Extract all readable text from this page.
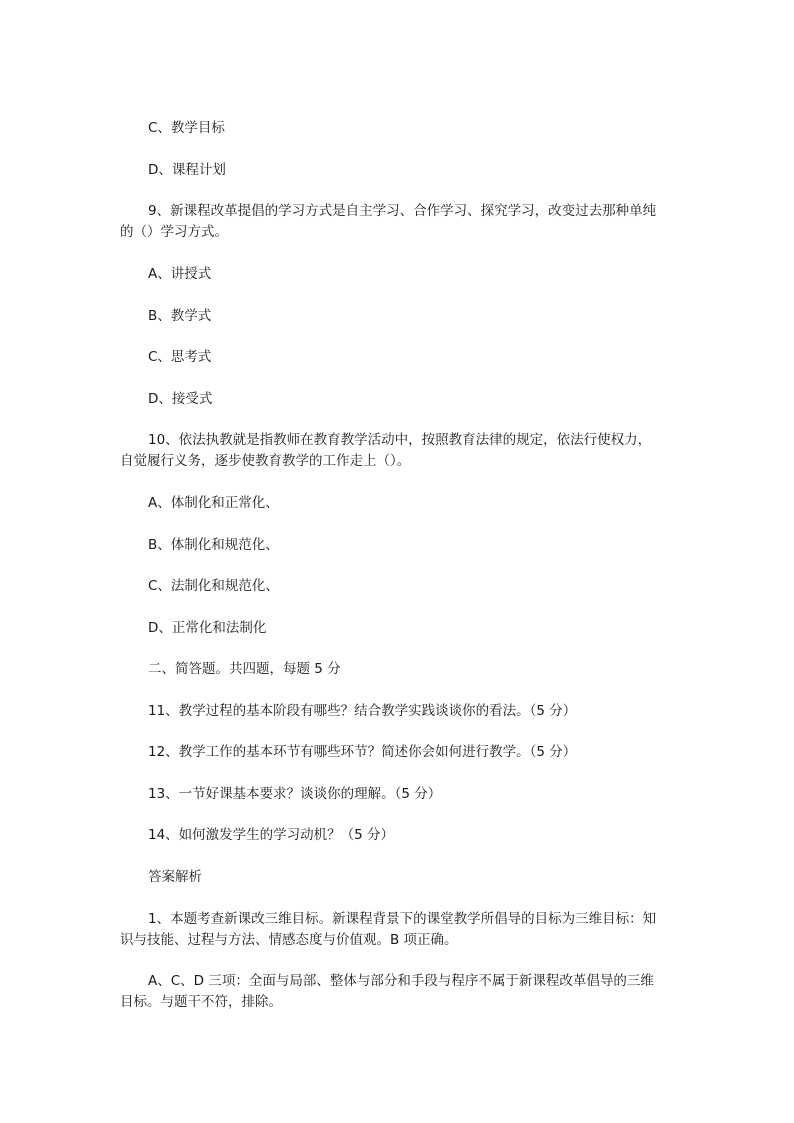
C、教学目标
D、课程计划
9、新课程改革提倡的学习方式是自主学习、合作学习、探究学习，改变过去那种单纯
的（）学习方式。
A、讲授式
B、教学式
C、思考式
D、接受式
10、依法执教就是指教师在教育教学活动中，按照教育法律的规定，依法行使权力，
自觉履行义务，逐步使教育教学的工作走上（）。
A、体制化和正常化、
B、体制化和规范化、
C、法制化和规范化、
D、正常化和法制化
二、简答题。共四题，每题 5 分
11、教学过程的基本阶段有哪些？结合教学实践谈谈你的看法。（5 分）
12、教学工作的基本环节有哪些环节？简述你会如何进行教学。（5 分）
13、一节好课基本要求？谈谈你的理解。（5 分）
14、如何激发学生的学习动机？（5 分）
答案解析
1、本题考查新课改三维目标。新课程背景下的课堂教学所倡导的目标为三维目标：知
识与技能、过程与方法、情感态度与价值观。B 项正确。
A、C、D 三项：全面与局部、整体与部分和手段与程序不属于新课程改革倡导的三维
目标。与题干不符，排除。
